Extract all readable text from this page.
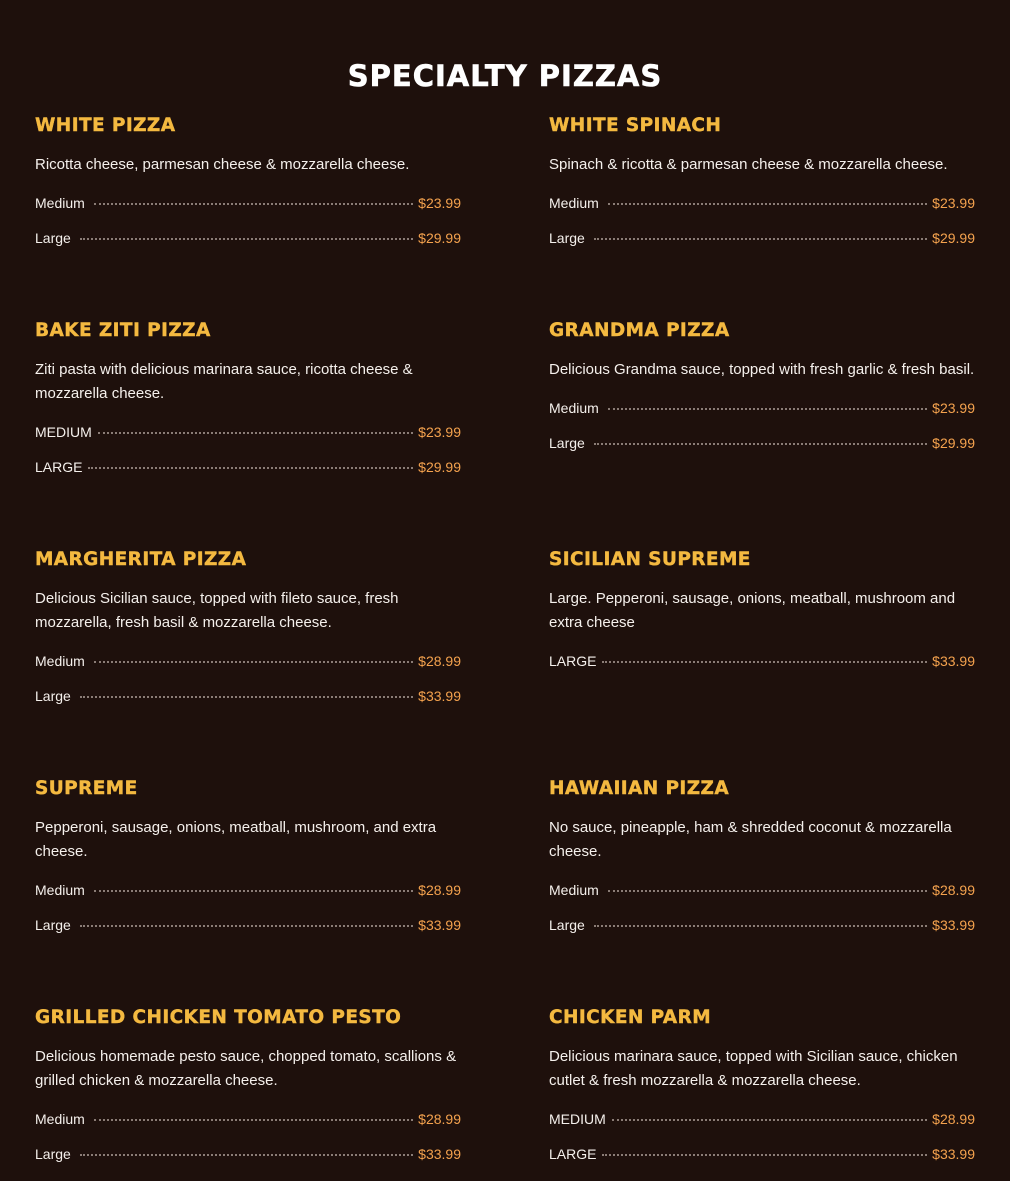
SPECIALTY PIZZAS
WHITE PIZZA
Ricotta cheese, parmesan cheese & mozzarella cheese.
Medium	$23.99
Large	$29.99
WHITE SPINACH
Spinach & ricotta & parmesan cheese & mozzarella cheese.
Medium	$23.99
Large	$29.99
BAKE ZITI PIZZA
Ziti pasta with delicious marinara sauce, ricotta cheese & mozzarella cheese.
MEDIUM	$23.99
LARGE	$29.99
GRANDMA PIZZA
Delicious Grandma sauce, topped with fresh garlic & fresh basil.
Medium	$23.99
Large	$29.99
MARGHERITA PIZZA
Delicious Sicilian sauce, topped with fileto sauce, fresh mozzarella, fresh basil & mozzarella cheese.
Medium	$28.99
Large	$33.99
SICILIAN SUPREME
Large. Pepperoni, sausage, onions, meatball, mushroom and extra cheese
LARGE	$33.99
SUPREME
Pepperoni, sausage, onions, meatball, mushroom, and extra cheese.
Medium	$28.99
Large	$33.99
HAWAIIAN PIZZA
No sauce, pineapple, ham & shredded coconut & mozzarella cheese.
Medium	$28.99
Large	$33.99
GRILLED CHICKEN TOMATO PESTO
Delicious homemade pesto sauce, chopped tomato, scallions & grilled chicken & mozzarella cheese.
Medium	$28.99
Large	$33.99
CHICKEN PARM
Delicious marinara sauce, topped with Sicilian sauce, chicken cutlet & fresh mozzarella & mozzarella cheese.
MEDIUM	$28.99
LARGE	$33.99
